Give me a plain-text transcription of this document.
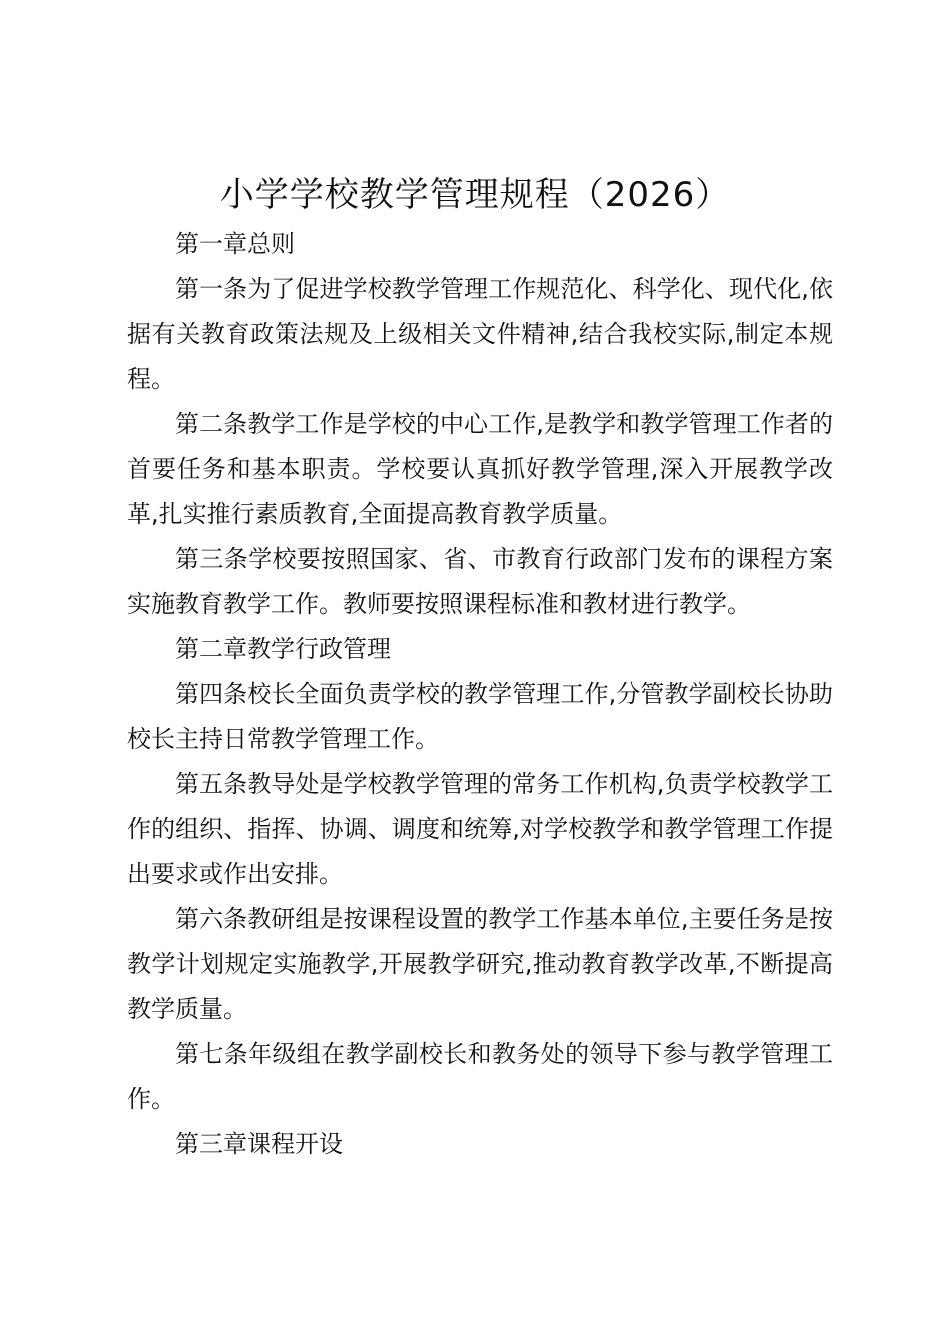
小学学校教学管理规程（2026）

第一章总则

第一条为了促进学校教学管理工作规范化、科学化、现代化,依据有关教育政策法规及上级相关文件精神,结合我校实际,制定本规程。

第二条教学工作是学校的中心工作,是教学和教学管理工作者的首要任务和基本职责。学校要认真抓好教学管理,深入开展教学改革,扎实推行素质教育,全面提高教育教学质量。

第三条学校要按照国家、省、市教育行政部门发布的课程方案实施教育教学工作。教师要按照课程标准和教材进行教学。

第二章教学行政管理

第四条校长全面负责学校的教学管理工作,分管教学副校长协助校长主持日常教学管理工作。

第五条教导处是学校教学管理的常务工作机构,负责学校教学工作的组织、指挥、协调、调度和统筹,对学校教学和教学管理工作提出要求或作出安排。

第六条教研组是按课程设置的教学工作基本单位,主要任务是按教学计划规定实施教学,开展教学研究,推动教育教学改革,不断提高教学质量。

第七条年级组在教学副校长和教务处的领导下参与教学管理工作。

第三章课程开设
